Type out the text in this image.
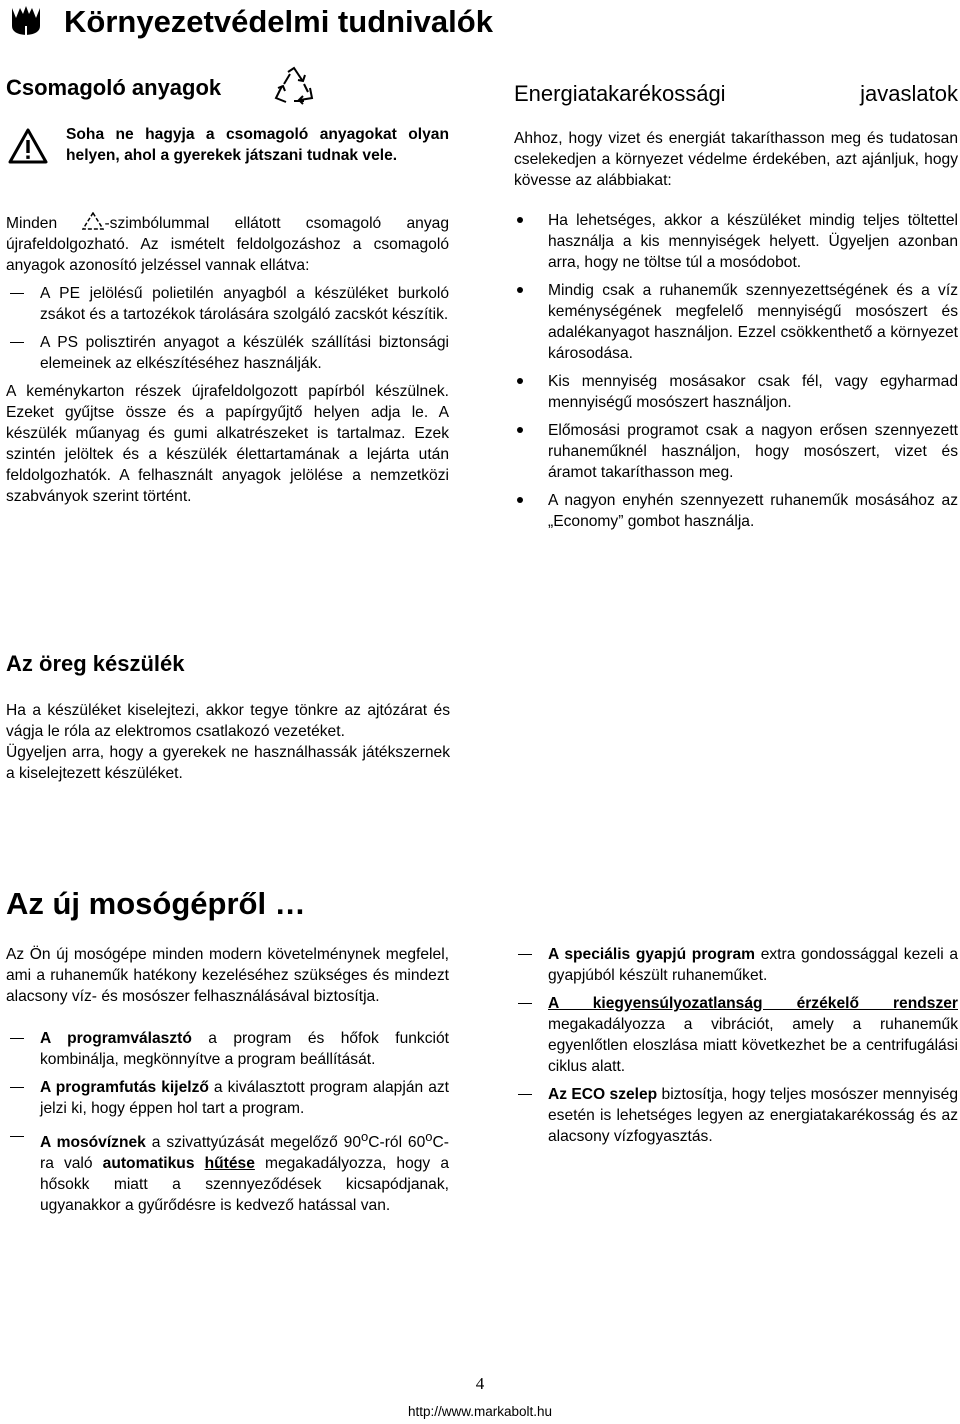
Környezetvédelmi tudnivalók
Csomagoló anyagok

Soha ne hagyja a csomagoló anyagokat olyan helyen, ahol a gyerekek játszani tudnak vele.

Minden	-szimbólummal ellátott csomagoló anyag újrafeldolgozható. Az ismételt feldolgozáshoz a csomagoló anyagok azonosító jelzéssel vannak ellátva:

A PE jelölésű polietilén anyagból a készüléket burkoló zsákot és a tartozékok tárolására szolgáló zacskót készítik.

A PS polisztirén anyagot a készülék szállítási biztonsági elemeinek az elkészítéséhez használják.

A keménykarton részek újrafeldolgozott papírból készülnek. Ezeket gyűjtse össze és a papírgyűjtő helyen adja le. A készülék műanyag és gumi alkatrészeket is tartalmaz. Ezek szintén jelöltek és a készülék élettartamának a lejárta után feldolgozhatók. A felhasznált anyagok jelölése a nemzetközi szabványok szerint történt.

Energiatakarékossági	javaslatok

Ahhoz, hogy vizet és energiát takaríthasson meg és tudatosan cselekedjen a környezet védelme érdekében, azt ajánljuk, hogy kövesse az alábbiakat:

Ha lehetséges, akkor a készüléket mindig teljes töltettel használja a kis mennyiségek helyett. Ügyeljen azonban arra, hogy ne töltse túl a mosódobot.

Mindig csak a ruhaneműk szennyezettségének és a víz keménységének megfelelő mennyiségű mosószert és adalékanyagot használjon. Ezzel csökkenthető a környezet károsodása.

Kis mennyiség mosásakor csak fél, vagy egyharmad mennyiségű mosószert használjon.

Előmosási programot csak a nagyon erősen szennyezett ruhaneműknél használjon, hogy mosószert, vizet és áramot takaríthasson meg.

A nagyon enyhén szennyezett ruhaneműk mosásához az „Economy” gombot használja.

Az öreg készülék

Ha a készüléket kiselejtezi, akkor tegye tönkre az ajtózárat és vágja le róla az elektromos csatlakozó vezetéket.

Ügyeljen arra, hogy a gyerekek ne használhassák játékszernek a kiselejtezett készüléket.

Az új mosógépről …

Az Ön új mosógépe minden modern követelménynek megfelel, ami a ruhaneműk hatékony kezeléséhez szükséges és mindezt alacsony víz- és mosószer felhasználásával biztosítja.

A programválasztó a program és hőfok funkciót kombinálja, megkönnyítve a program beállítását.

A programfutás kijelző a kiválasztott program alapján azt jelzi ki, hogy éppen hol tart a program.

A mosóvíznek a szivattyúzását megelőző 90$^o$C-ról 60$^o$C-ra való automatikus hűtése megakadályozza, hogy a hősokk miatt a szennyeződések kicsapódjanak, ugyanakkor a gyűrődésre is kedvező hatással van.

A speciális gyapjú program extra gondossággal kezeli a gyapjúból készült ruhaneműket.

A kiegyensúlyozatlanság érzékelő rendszer megakadályozza a vibrációt, amely a ruhaneműk egyenlőtlen eloszlása miatt következhet be a centrifugálási ciklus alatt.

Az ECO szelep biztosítja, hogy teljes mosószer mennyiség esetén is lehetséges legyen az energiatakarékosság és az alacsony vízfogyasztás.

4
http://www.markabolt.hu
